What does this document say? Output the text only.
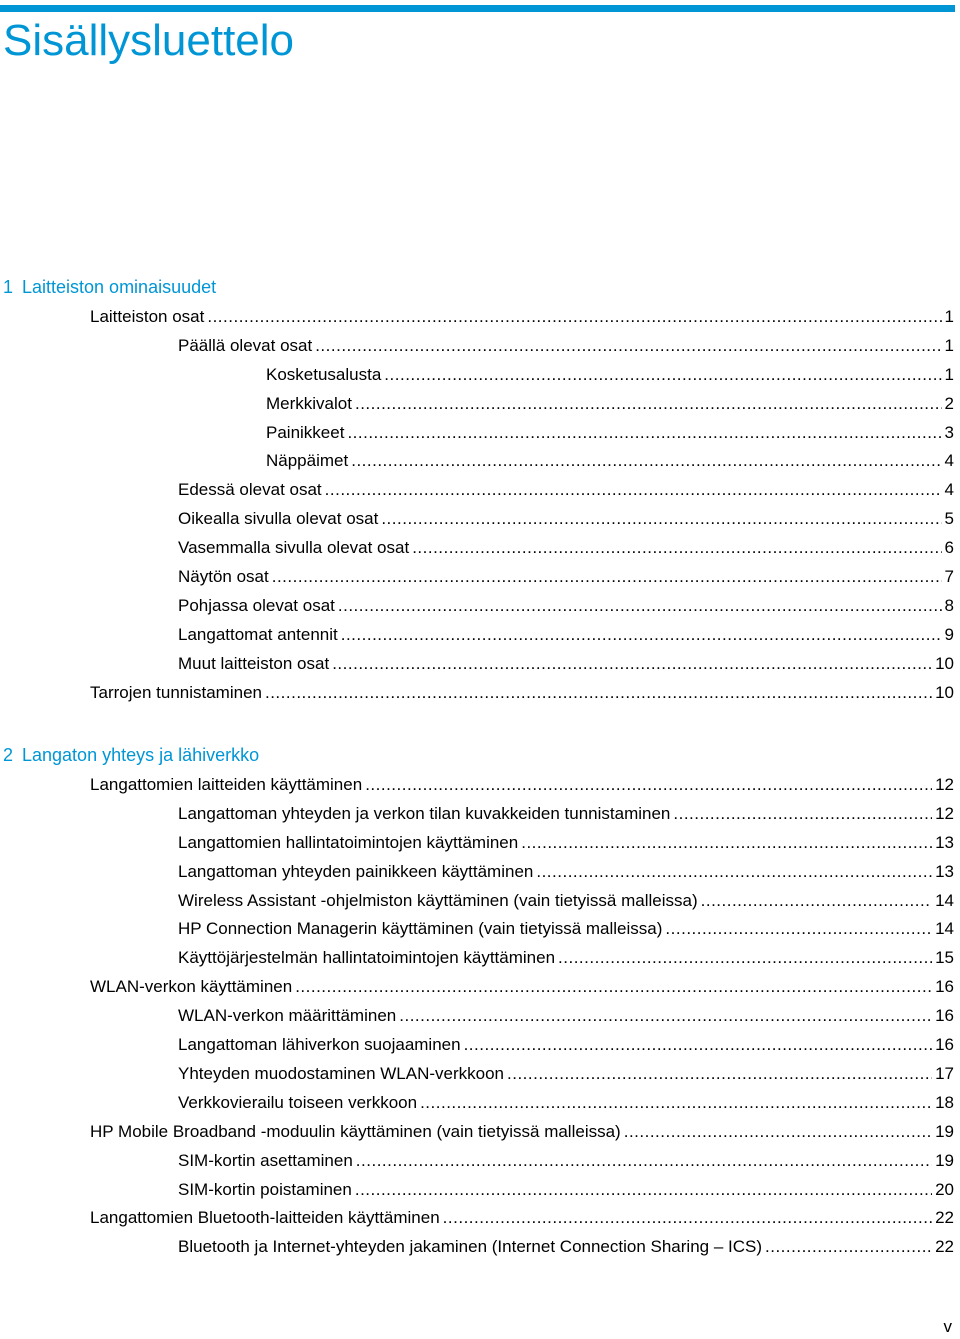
Sisällysluettelo
1 Laitteiston ominaisuudet
Laitteiston osat .....	1
Päällä olevat osat .....	1
Kosketusalusta .....	1
Merkkivalot .....	2
Painikkeet .....	3
Näppäimet .....	4
Edessä olevat osat .....	4
Oikealla sivulla olevat osat .....	5
Vasemmalla sivulla olevat osat .....	6
Näytön osat .....	7
Pohjassa olevat osat .....	8
Langattomat antennit .....	9
Muut laitteiston osat .....	10
Tarrojen tunnistaminen .....	10
2 Langaton yhteys ja lähiverkko
Langattomien laitteiden käyttäminen .....	12
Langattoman yhteyden ja verkon tilan kuvakkeiden tunnistaminen .....	12
Langattomien hallintatoimintojen käyttäminen .....	13
Langattoman yhteyden painikkeen käyttäminen .....	13
Wireless Assistant -ohjelmiston käyttäminen (vain tietyissä malleissa) .....	14
HP Connection Managerin käyttäminen (vain tietyissä malleissa) .....	14
Käyttöjärjestelmän hallintatoimintojen käyttäminen .....	15
WLAN-verkon käyttäminen .....	16
WLAN-verkon määrittäminen .....	16
Langattoman lähiverkon suojaaminen .....	16
Yhteyden muodostaminen WLAN-verkkoon .....	17
Verkkovierailu toiseen verkkoon .....	18
HP Mobile Broadband -moduulin käyttäminen (vain tietyissä malleissa) .....	19
SIM-kortin asettaminen .....	19
SIM-kortin poistaminen .....	20
Langattomien Bluetooth-laitteiden käyttäminen .....	22
Bluetooth ja Internet-yhteyden jakaminen (Internet Connection Sharing – ICS) .....	22
v
